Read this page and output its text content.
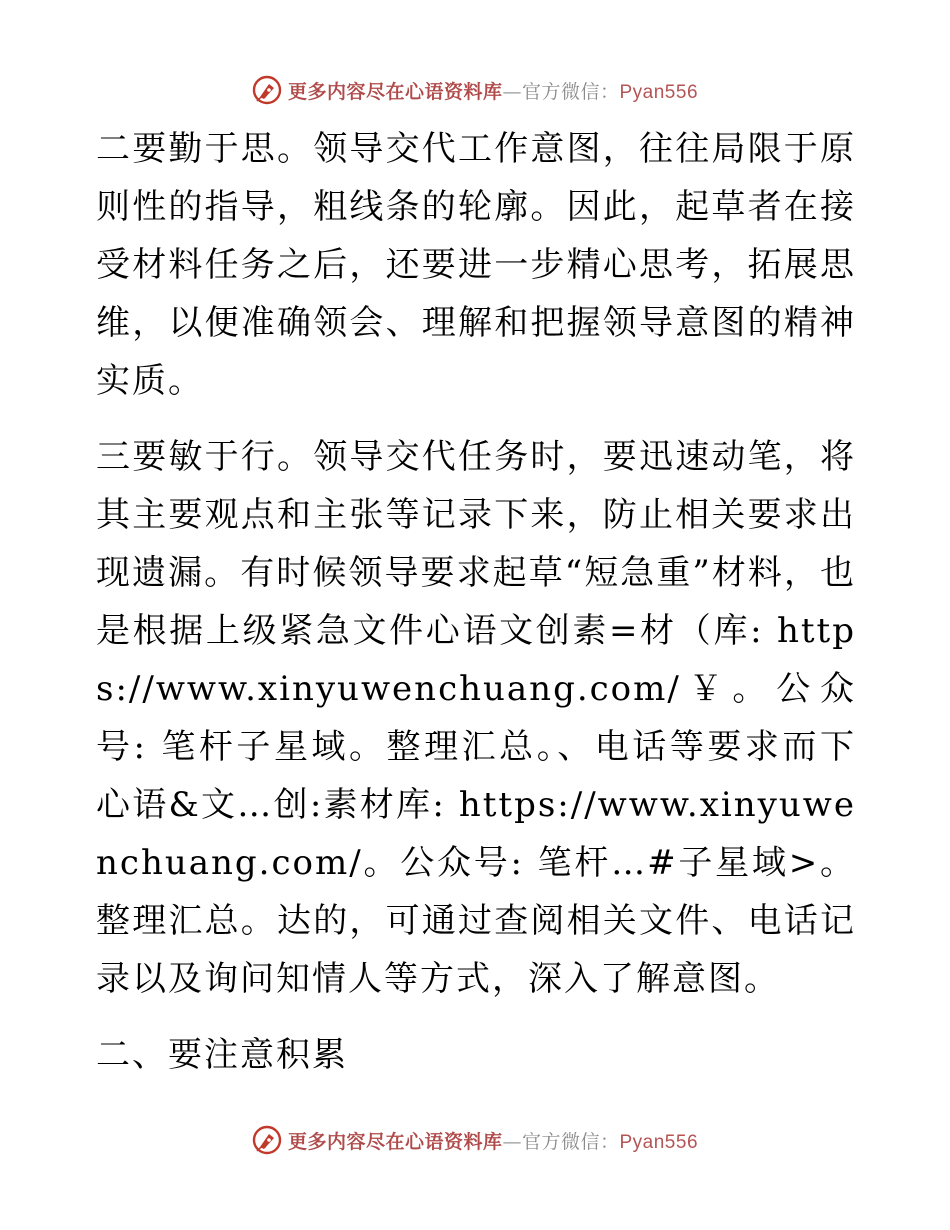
更多内容尽在心语资料库—官方微信：Pyan556

二要勤于思。领导交代工作意图，往往局限于原则性的指导，粗线条的轮廓。因此，起草者在接受材料任务之后，还要进一步精心思考，拓展思维，以便准确领会、理解和把握领导意图的精神实质。

三要敏于行。领导交代任务时，要迅速动笔，将其主要观点和主张等记录下来，防止相关要求出现遗漏。有时候领导要求起草“短急重”材料，也是根据上级紧急文件心语文创素=材（库: https://www.xinyuwenchuang.com/￥。公众号: 笔杆子星域。整理汇总。、电话等要求而下心语&文…创:素材库: https://www.xinyuwenchuang.com/。公众号: 笔杆…#子星域>。整理汇总。达的，可通过查阅相关文件、电话记录以及询问知情人等方式，深入了解意图。

二、要注意积累

更多内容尽在心语资料库—官方微信：Pyan556
